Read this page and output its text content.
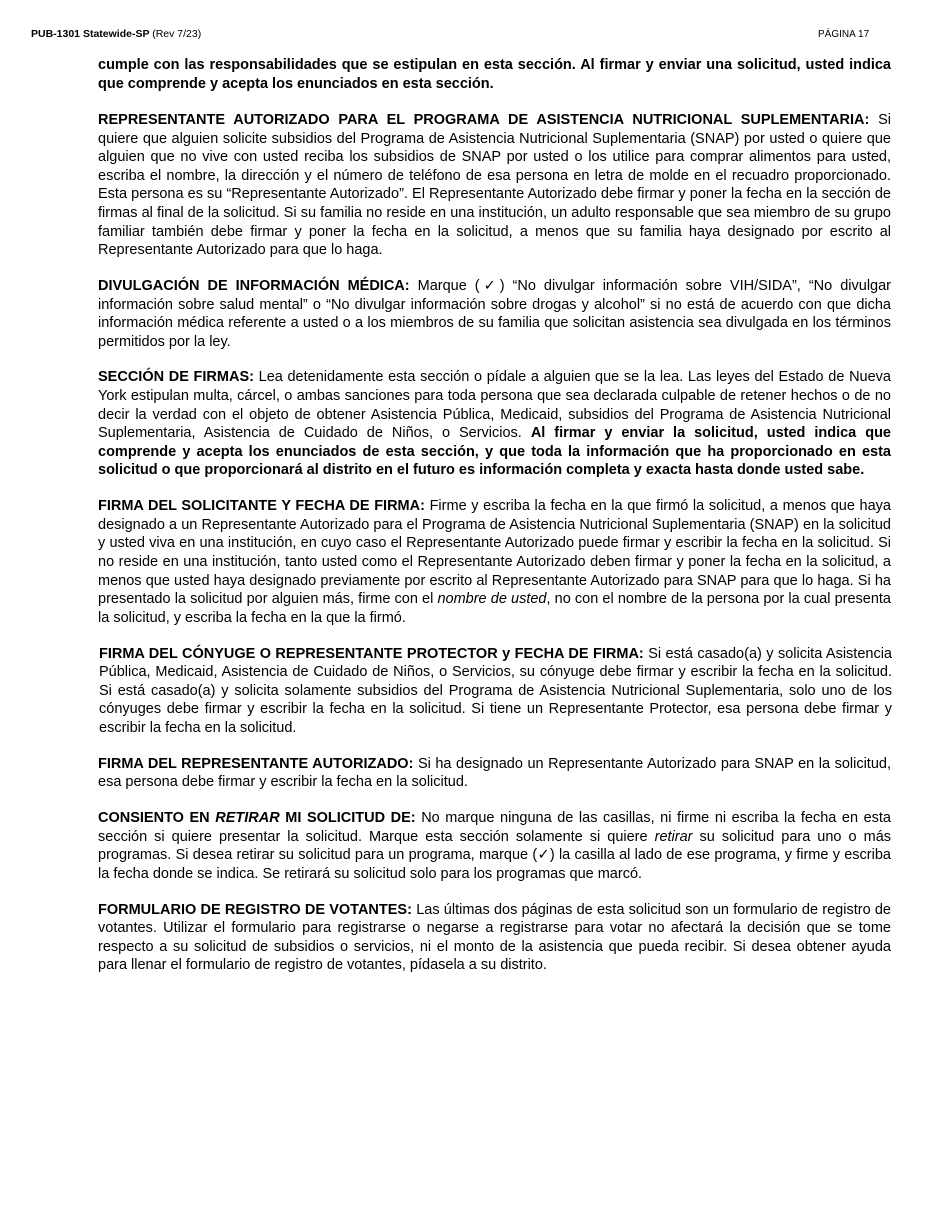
PUB-1301 Statewide-SP (Rev 7/23)	PÁGINA 17

cumple con las responsabilidades que se estipulan en esta sección. Al firmar y enviar una solicitud, usted indica que comprende y acepta los enunciados en esta sección.

REPRESENTANTE AUTORIZADO PARA EL PROGRAMA DE ASISTENCIA NUTRICIONAL SUPLEMENTARIA: Si quiere que alguien solicite subsidios del Programa de Asistencia Nutricional Suplementaria (SNAP) por usted o quiere que alguien que no vive con usted reciba los subsidios de SNAP por usted o los utilice para comprar alimentos para usted, escriba el nombre, la dirección y el número de teléfono de esa persona en letra de molde en el recuadro proporcionado. Esta persona es su “Representante Autorizado”. El Representante Autorizado debe firmar y poner la fecha en la sección de firmas al final de la solicitud. Si su familia no reside en una institución, un adulto responsable que sea miembro de su grupo familiar también debe firmar y poner la fecha en la solicitud, a menos que su familia haya designado por escrito al Representante Autorizado para que lo haga.

DIVULGACIÓN DE INFORMACIÓN MÉDICA: Marque (✓) “No divulgar información sobre VIH/SIDA”, “No divulgar información sobre salud mental” o “No divulgar información sobre drogas y alcohol” si no está de acuerdo con que dicha información médica referente a usted o a los miembros de su familia que solicitan asistencia sea divulgada en los términos permitidos por la ley.

SECCIÓN DE FIRMAS: Lea detenidamente esta sección o pídale a alguien que se la lea. Las leyes del Estado de Nueva York estipulan multa, cárcel, o ambas sanciones para toda persona que sea declarada culpable de retener hechos o de no decir la verdad con el objeto de obtener Asistencia Pública, Medicaid, subsidios del Programa de Asistencia Nutricional Suplementaria, Asistencia de Cuidado de Niños, o Servicios. Al firmar y enviar la solicitud, usted indica que comprende y acepta los enunciados de esta sección, y que toda la información que ha proporcionado en esta solicitud o que proporcionará al distrito en el futuro es información completa y exacta hasta donde usted sabe.

FIRMA DEL SOLICITANTE Y FECHA DE FIRMA: Firme y escriba la fecha en la que firmó la solicitud, a menos que haya designado a un Representante Autorizado para el Programa de Asistencia Nutricional Suplementaria (SNAP) en la solicitud y usted viva en una institución, en cuyo caso el Representante Autorizado puede firmar y escribir la fecha en la solicitud. Si no reside en una institución, tanto usted como el Representante Autorizado deben firmar y poner la fecha en la solicitud, a menos que usted haya designado previamente por escrito al Representante Autorizado para SNAP para que lo haga. Si ha presentado la solicitud por alguien más, firme con el nombre de usted, no con el nombre de la persona por la cual presenta la solicitud, y escriba la fecha en la que la firmó.

FIRMA DEL CÓNYUGE O REPRESENTANTE PROTECTOR y FECHA DE FIRMA: Si está casado(a) y solicita Asistencia Pública, Medicaid, Asistencia de Cuidado de Niños, o Servicios, su cónyuge debe firmar y escribir la fecha en la solicitud. Si está casado(a) y solicita solamente subsidios del Programa de Asistencia Nutricional Suplementaria, solo uno de los cónyuges debe firmar y escribir la fecha en la solicitud. Si tiene un Representante Protector, esa persona debe firmar y escribir la fecha en la solicitud.

FIRMA DEL REPRESENTANTE AUTORIZADO: Si ha designado un Representante Autorizado para SNAP en la solicitud, esa persona debe firmar y escribir la fecha en la solicitud.

CONSIENTO EN RETIRAR MI SOLICITUD DE: No marque ninguna de las casillas, ni firme ni escriba la fecha en esta sección si quiere presentar la solicitud. Marque esta sección solamente si quiere retirar su solicitud para uno o más programas. Si desea retirar su solicitud para un programa, marque (✓) la casilla al lado de ese programa, y firme y escriba la fecha donde se indica. Se retirará su solicitud solo para los programas que marcó.

FORMULARIO DE REGISTRO DE VOTANTES: Las últimas dos páginas de esta solicitud son un formulario de registro de votantes. Utilizar el formulario para registrarse o negarse a registrarse para votar no afectará la decisión que se tome respecto a su solicitud de subsidios o servicios, ni el monto de la asistencia que pueda recibir. Si desea obtener ayuda para llenar el formulario de registro de votantes, pídasela a su distrito.
